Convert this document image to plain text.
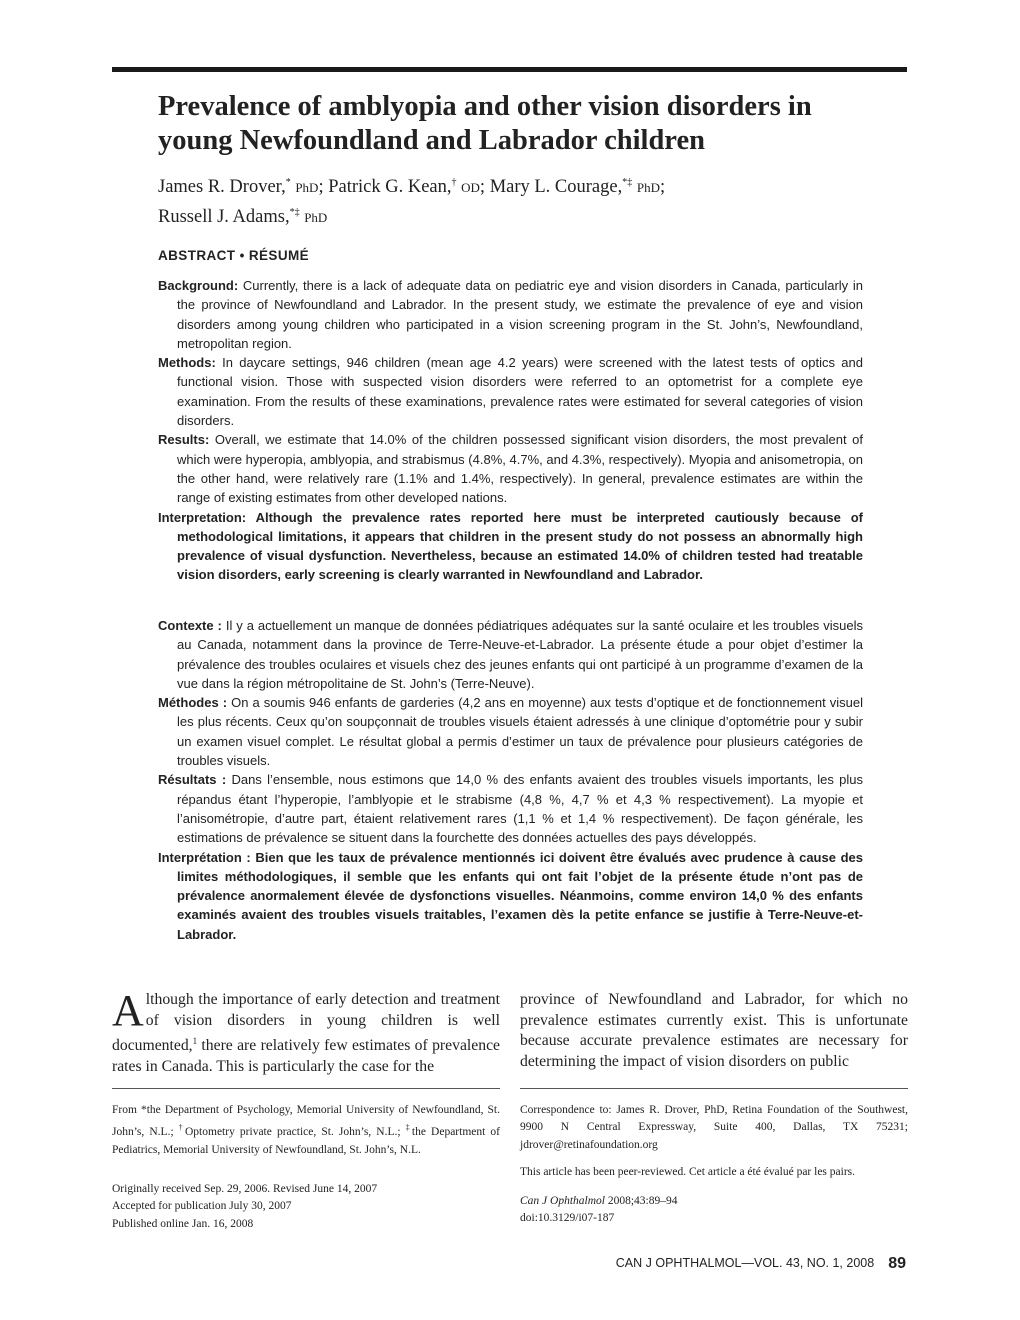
Prevalence of amblyopia and other vision disorders in
young Newfoundland and Labrador children
James R. Drover,* PhD; Patrick G. Kean,† OD; Mary L. Courage,*‡ PhD;
Russell J. Adams,*‡ PhD
ABSTRACT • RÉSUMÉ

Background: Currently, there is a lack of adequate data on pediatric eye and vision disorders in Canada, particularly in the province of Newfoundland and Labrador. In the present study, we estimate the prevalence of eye and vision disorders among young children who participated in a vision screening program in the St. John’s, Newfoundland, metropolitan region.

Methods: In daycare settings, 946 children (mean age 4.2 years) were screened with the latest tests of optics and functional vision. Those with suspected vision disorders were referred to an optometrist for a complete eye examination. From the results of these examinations, prevalence rates were estimated for several categories of vision disorders.

Results: Overall, we estimate that 14.0% of the children possessed significant vision disorders, the most prevalent of which were hyperopia, amblyopia, and strabismus (4.8%, 4.7%, and 4.3%, respectively). Myopia and anisometropia, on the other hand, were relatively rare (1.1% and 1.4%, respectively). In general, prevalence estimates are within the range of existing estimates from other developed nations.

Interpretation: Although the prevalence rates reported here must be interpreted cautiously because of methodological limitations, it appears that children in the present study do not possess an abnormally high prevalence of visual dysfunction. Nevertheless, because an estimated 14.0% of children tested had treatable vision disorders, early screening is clearly warranted in Newfoundland and Labrador.

Contexte : Il y a actuellement un manque de données pédiatriques adéquates sur la santé oculaire et les troubles visuels au Canada, notamment dans la province de Terre-Neuve-et-Labrador. La présente étude a pour objet d’estimer la prévalence des troubles oculaires et visuels chez des jeunes enfants qui ont participé à un programme d’examen de la vue dans la région métropolitaine de St. John’s (Terre-Neuve).

Méthodes : On a soumis 946 enfants de garderies (4,2 ans en moyenne) aux tests d’optique et de fonctionnement visuel les plus récents. Ceux qu’on soupçonnait de troubles visuels étaient adressés à une clinique d’optométrie pour y subir un examen visuel complet. Le résultat global a permis d’estimer un taux de prévalence pour plusieurs catégories de troubles visuels.

Résultats : Dans l’ensemble, nous estimons que 14,0 % des enfants avaient des troubles visuels importants, les plus répandus étant l’hyperopie, l’amblyopie et le strabisme (4,8 %, 4,7 % et 4,3 % respectivement). La myopie et l’anisométropie, d’autre part, étaient relativement rares (1,1 % et 1,4 % respectivement). De façon générale, les estimations de prévalence se situent dans la fourchette des données actuelles des pays développés.

Interprétation : Bien que les taux de prévalence mentionnés ici doivent être évalués avec prudence à cause des limites méthodologiques, il semble que les enfants qui ont fait l’objet de la présente étude n’ont pas de prévalence anormalement élevée de dysfonctions visuelles. Néanmoins, comme environ 14,0 % des enfants examinés avaient des troubles visuels traitables, l’examen dès la petite enfance se justifie à Terre-Neuve-et-Labrador.

Although the importance of early detection and treatment of vision disorders in young children is well documented,$^1$ there are relatively few estimates of prevalence rates in Canada. This is particularly the case for the

province of Newfoundland and Labrador, for which no prevalence estimates currently exist. This is unfortunate because accurate prevalence estimates are necessary for determining the impact of vision disorders on public

From *the Department of Psychology, Memorial University of Newfoundland, St. John’s, N.L.; †Optometry private practice, St. John’s, N.L.; ‡the Department of Pediatrics, Memorial University of Newfoundland, St. John’s, N.L.

Originally received Sep. 29, 2006. Revised June 14, 2007

Accepted for publication July 30, 2007

Published online Jan. 16, 2008

Correspondence to: James R. Drover, PhD, Retina Foundation of the Southwest, 9900 N Central Expressway, Suite 400, Dallas, TX 75231; jdrover@retinafoundation.org

This article has been peer-reviewed. Cet article a été évalué par les pairs.

Can J Ophthalmol 2008;43:89–94

doi:10.3129/i07-187

CAN J OPHTHALMOL—VOL. 43, NO. 1, 2008 89
